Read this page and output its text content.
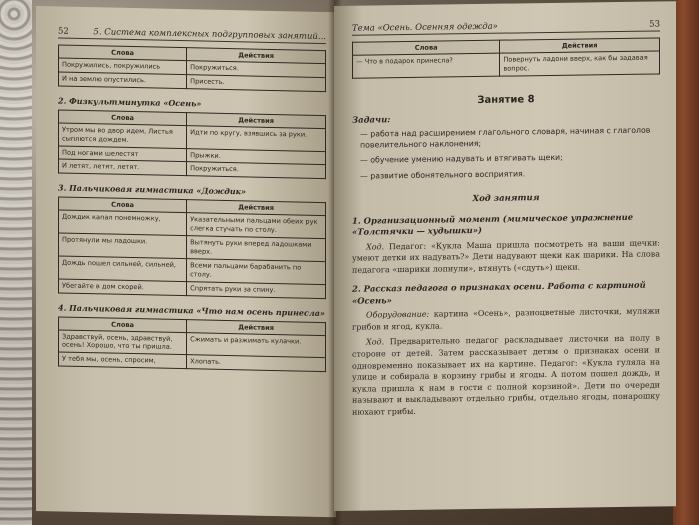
52	5. Система комплексных подгрупповых занятий...
Слова	Действия
Покружились, покружились	Покружиться.
И на землю опустились.	Присесть.
2. Физкультминутка «Осень»
Слова	Действия
Утром мы во двор идем, Листья сыплются дождем.	Идти по кругу, взявшись за руки.
Под ногами шелестят	Прыжки.
И летят, летят, летят.	Покружиться.
3. Пальчиковая гимнастика «Дождик»
Слова	Действия
Дождик капал понемножку,	Указательными пальцами обеих рук слегка стучать по столу.
Протянули мы ладошки.	Вытянуть руки вперед ладошками вверх.
Дождь пошел сильней, сильней,	Всеми пальцами барабанить по столу.
Убегайте в дом скорей.	Спрятать руки за спину.
4. Пальчиковая гимнастика «Что нам осень принесла»
Слова	Действия
Здравствуй, осень, здравствуй, осень! Хорошо, что ты пришла.	Сжимать и разжимать кулачки.
У тебя мы, осень, спросим,	Хлопать.
Тема «Осень. Осенняя одежда»	53
Слова	Действия
— Что в подарок принесла?	Повернуть ладони вверх, как бы задавая вопрос.
Занятие 8
Задачи:
— работа над расширением глагольного словаря, начиная с глаголов повелительного наклонения;
— обучение умению надувать и втягивать щеки;
— развитие обонятельного восприятия.
Ход занятия
1. Организационный момент (мимическое упражнение «Толстячки — худышки»)

Ход. Педагог: «Кукла Маша пришла посмотреть на ваши щечки: умеют детки их надувать?» Дети надувают щеки как шарики. На слова педагога «шарики лопнули», втянуть («сдуть») щеки.

2. Рассказ педагога о признаках осени. Работа с картиной «Осень»

Оборудование: картина «Осень», разноцветные листочки, муляжи грибов и ягод, кукла.

Ход. Предварительно педагог раскладывает листочки на полу в стороне от детей. Затем рассказывает детям о признаках осени и одновременно показывает их на картине. Педагог: «Кукла гуляла на улице и собирала в корзину грибы и ягоды. А потом пошел дождь, и кукла пришла к нам в гости с полной корзиной». Дети по очереди называют и выкладывают отдельно грибы, отдельно ягоды, понарошку нюхают грибы.
